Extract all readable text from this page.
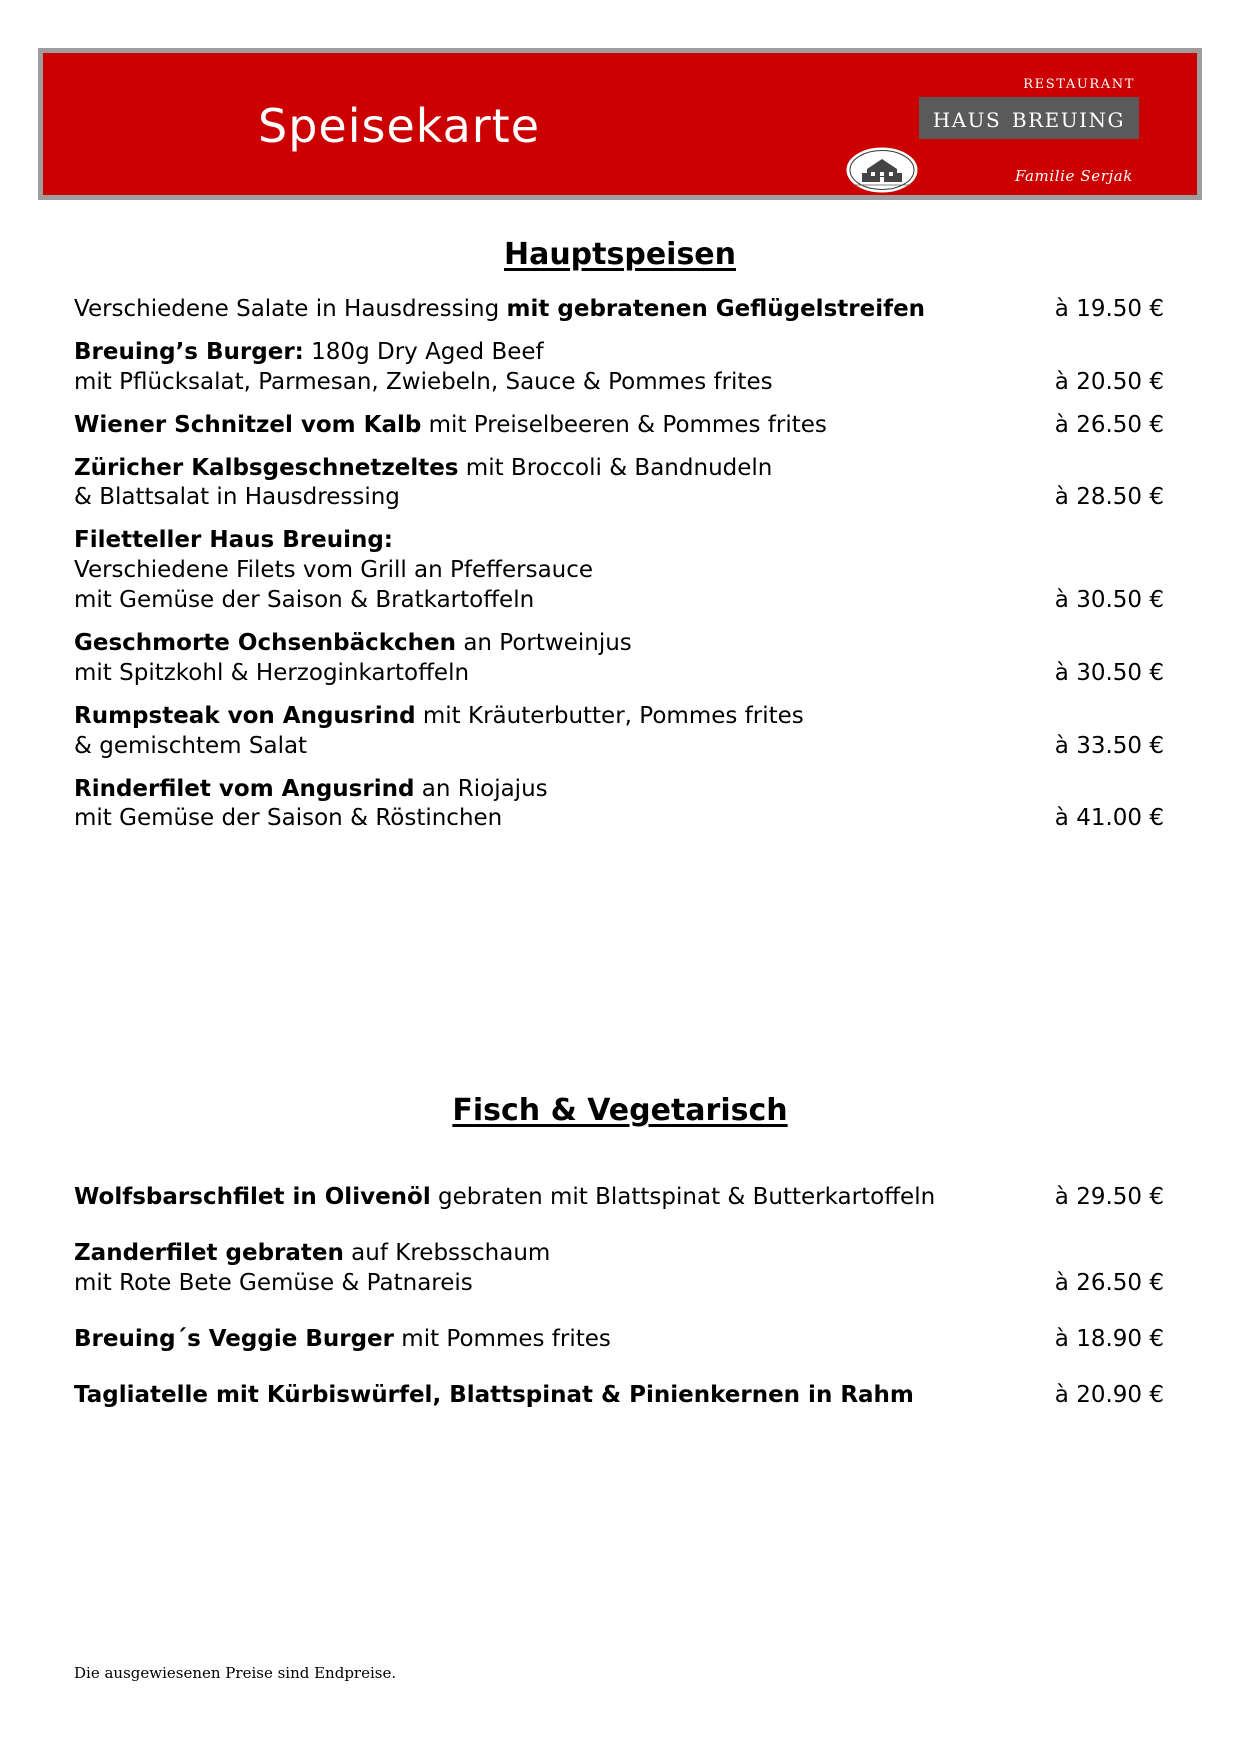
Speisekarte
restaurant
haus breuing
Familie Serjak
Hauptspeisen
Fisch & Vegetarisch
Verschiedene Salate in Hausdressing mit gebratenen Geflügelstreifen	à 19.50 €
Breuing’s Burger: 180g Dry Aged Beef
mit Pflücksalat, Parmesan, Zwiebeln, Sauce & Pommes frites	à 20.50 €
Wiener Schnitzel vom Kalb mit Preiselbeeren & Pommes frites	à 26.50 €
Züricher Kalbsgeschnetzeltes mit Broccoli & Bandnudeln
& Blattsalat in Hausdressing	à 28.50 €
Filetteller Haus Breuing:
Verschiedene Filets vom Grill an Pfeffersauce
mit Gemüse der Saison & Bratkartoffeln	à 30.50 €
Geschmorte Ochsenbäckchen an Portweinjus
mit Spitzkohl & Herzoginkartoffeln	à 30.50 €
Rumpsteak von Angusrind mit Kräuterbutter, Pommes frites
& gemischtem Salat	à 33.50 €
Rinderfilet vom Angusrind an Riojajus
mit Gemüse der Saison & Röstinchen	à 41.00 €
Wolfsbarschfilet in Olivenöl gebraten mit Blattspinat & Butterkartoffeln	à 29.50 €
Zanderfilet gebraten auf Krebsschaum
mit Rote Bete Gemüse & Patnareis	à 26.50 €
Breuing´s Veggie Burger mit Pommes frites	à 18.90 €
Tagliatelle mit Kürbiswürfel, Blattspinat & Pinienkernen in Rahm	à 20.90 €
Die ausgewiesenen Preise sind Endpreise.
